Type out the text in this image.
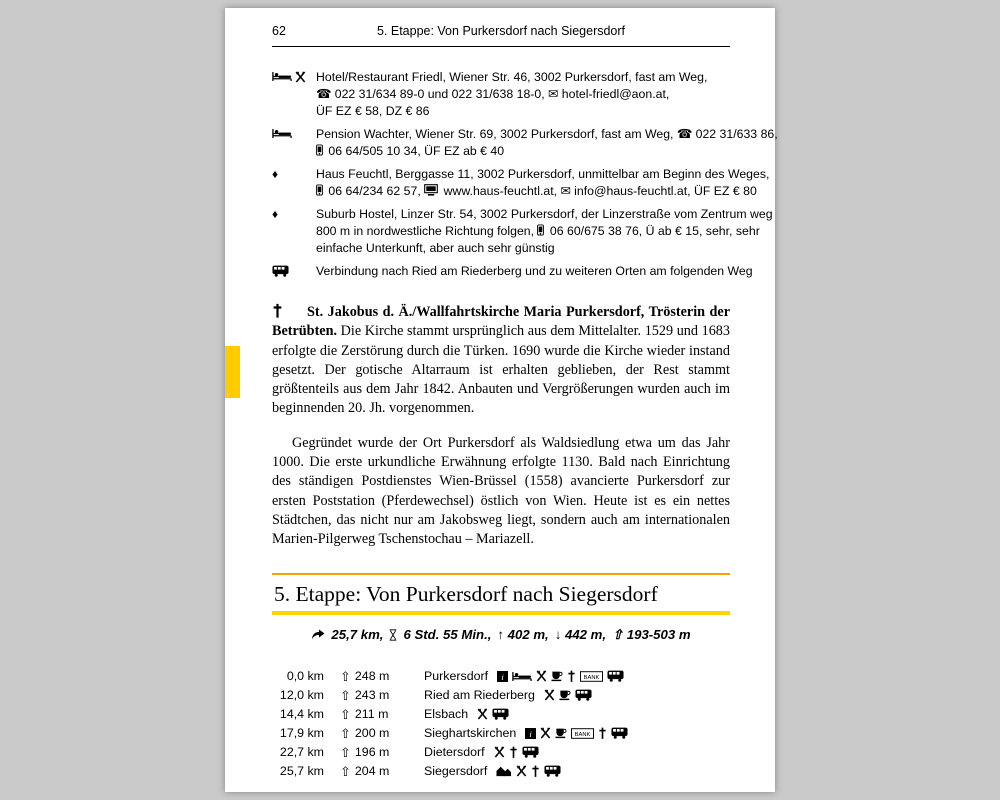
62	5. Etappe: Von Purkersdorf nach Siegersdorf
Hotel/Restaurant Friedl, Wiener Str. 46, 3002 Purkersdorf, fast am Weg,
☎ 022 31/634 89-0 und 022 31/638 18-0, ✉ hotel-friedl@aon.at,
ÜF EZ € 58, DZ € 86
Pension Wachter, Wiener Str. 69, 3002 Purkersdorf, fast am Weg, ☎ 022 31/633 86,
06 64/505 10 34, ÜF EZ ab € 40
♦	Haus Feuchtl, Berggasse 11, 3002 Purkersdorf, unmittelbar am Beginn des Weges,
06 64/234 62 57, www.haus-feuchtl.at, ✉ info@haus-feuchtl.at, ÜF EZ € 80
♦	Suburb Hostel, Linzer Str. 54, 3002 Purkersdorf, der Linzerstraße vom Zentrum weg
800 m in nordwestliche Richtung folgen, 06 60/675 38 76, Ü ab € 15, sehr, sehr
einfache Unterkunft, aber auch sehr günstig
Verbindung nach Ried am Riederberg und zu weiteren Orten am folgenden Weg

St. Jakobus d. Ä./Wallfahrtskirche Maria Purkersdorf, Trösterin der Betrübten. Die Kirche stammt ursprünglich aus dem Mittelalter. 1529 und 1683 erfolgte die Zerstörung durch die Türken. 1690 wurde die Kirche wieder instand gesetzt. Der gotische Altarraum ist erhalten geblieben, der Rest stammt größtenteils aus dem Jahr 1842. Anbauten und Vergrößerungen wurden auch im beginnenden 20. Jh. vorgenommen.

Gegründet wurde der Ort Purkersdorf als Waldsiedlung etwa um das Jahr 1000. Die erste urkundliche Erwähnung erfolgte 1130. Bald nach Einrichtung des ständigen Postdienstes Wien-Brüssel (1558) avancierte Purkersdorf zur ersten Poststation (Pferdewechsel) östlich von Wien. Heute ist es ein nettes Städtchen, das nicht nur am Jakobsweg liegt, sondern auch am internationalen Marien-Pilgerweg Tschenstochau – Mariazell.

5. Etappe: Von Purkersdorf nach Siegersdorf
25,7 km, 6 Std. 55 Min., ↑ 402 m, ↓ 442 m, ⇧ 193-503 m
0,0 km ⇧ 248 m	Purkersdorf i	BANK
12,0 km ⇧ 243 m	Ried am Riederberg
14,4 km ⇧ 211 m	Elsbach
17,9 km ⇧ 200 m	Sieghartskirchen i	BANK
22,7 km ⇧ 196 m	Dietersdorf
25,7 km ⇧ 204 m	Siegersdorf
